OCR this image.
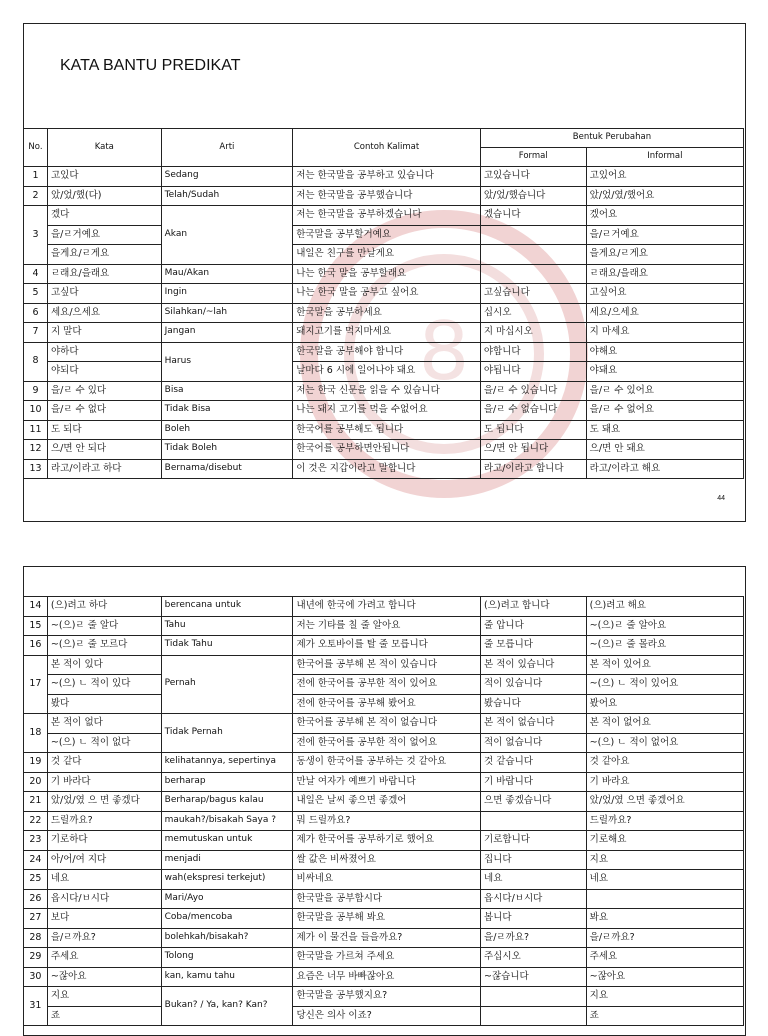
KATA BANTU PREDIKAT
8
No.	Kata	Arti	Contoh Kalimat	Bentuk Perubahan	
				Formal	Informal
1	고있다	Sedang	저는 한국말을 공부하고 있습니다	고있습니다	고있어요
2	았/었/했(다)	Telah/Sudah	저는 한국말을 공부했습니다	았/었/했습니다	았/었/였/했어요
3	겠다	Akan	저는 한국말을 공부하겠습니다	겠습니다	겠어요
	을/ㄹ거예요		한국말을 공부할거예요		을/ㄹ거예요
	을게요/ㄹ게요		내일은 친구를 만날게요		을게요/ㄹ게요
4	ㄹ래요/을래요	Mau/Akan	나는 한국 말을 공부할래요		ㄹ래요/을래요
5	고싶다	Ingin	나는 한국 말을 공부고 싶어요	고싶습니다	고싶어요
6	세요/으세요	Silahkan/~lah	한국말을 공부하세요	십시오	세요/으세요
7	지 말다	Jangan	돼지고기를 먹지마세요	지 마십시오	지 마세요
8	야하다	Harus	한국말을 공부해야 합니다	야합니다	야해요
	야되다		날마다 6 시에 일어나야 돼요	야됩니다	야돼요
9	을/ㄹ 수 있다	Bisa	저는 한국 신문을 읽을 수 있습니다	을/ㄹ 수 있습니다	을/ㄹ 수 있어요
10	을/ㄹ 수 없다	Tidak Bisa	나는 돼지 고기를 먹을 수없어요	을/ㄹ 수 없습니다	을/ㄹ 수 없어요
11	도 되다	Boleh	한국어를 공부해도 됩니다	도 됩니다	도 돼요
12	으/면 안 되다	Tidak Boleh	한국어를 공부하면안됩니다	으/면 안 됩니다	으/면 안 돼요
13	라고/이라고 하다	Bernama/disebut	이 것은 지갑이라고 말합니다	라고/이라고 합니다	라고/이라고 해요
44
14	(으)려고 하다	berencana untuk	내년에 한국에 가려고 합니다	(으)려고 합니다	(으)려고 해요
15	~(으)ㄹ 줄 알다	Tahu	저는 기타를 칠 줄 알아요	줄 압니다	~(으)ㄹ 줄 알아요
16	~(으)ㄹ 줄 모르다	Tidak Tahu	제가 오토바이를 탈 줄 모릅니다	줄 모릅니다	~(으)ㄹ 줄 몰라요
17	본 적이 있다	Pernah	한국어를 공부해 본 적이 있습니다	본 적이 있습니다	본 적이 있어요
	~(으) ㄴ 적이 있다		전에 한국어를 공부한 적이 있어요	적이 있습니다	~(으) ㄴ 적이 있어요
	봤다		전에 한국어를 공부해 봤어요	봤습니다	봤어요
18	본 적이 없다	Tidak Pernah	한국어를 공부해 본 적이 없습니다	본 적이 없습니다	본 적이 없어요
	~(으) ㄴ 적이 없다		전에 한국어를 공부한 적이 없어요	적이 없습니다	~(으) ㄴ 적이 없어요
19	것 같다	kelihatannya, sepertinya	동생이 한국어를 공부하는 것 같아요	것 같습니다	것 같아요
20	기 바라다	berharap	만날 여자가 예쁘기 바랍니다	기 바랍니다	기 바라요
21	았/었/였 으 면 좋겠다	Berharap/bagus kalau	내일은 날씨 좋으면 좋겠어	으면 좋겠습니다	았/었/였 으면 좋겠어요
22	드릴까요?	maukah?/bisakah Saya ?	뭐 드릴까요?		드릴까요?
23	기로하다	memutuskan untuk	제가 한국어를 공부하기로 했어요	기로합니다	기로해요
24	아/어/여 지다	menjadi	쌀 값은 비싸졌어요	집니다	지요
25	네요	wah(ekspresi terkejut)	비싸네요	네요	네요
26	읍시다/ㅂ시다	Mari/Ayo	한국말을 공부합시다	읍시다/ㅂ시다	
27	보다	Coba/mencoba	한국말을 공부해 봐요	봅니다	봐요
28	을/ㄹ까요?	bolehkah/bisakah?	제가 이 물건을 들을까요?	을/ㄹ까요?	을/ㄹ까요?
29	주세요	Tolong	한국말을 가르쳐 주세요	주십시오	주세요
30	~잖아요	kan, kamu tahu	요즘은 너무 바빠잖아요	~잖습니다	~잖아요
31	지요	Bukan? / Ya, kan? Kan?	한국말을 공부했지요?		지요
	죠		당신은 의사 이죠?		죠
